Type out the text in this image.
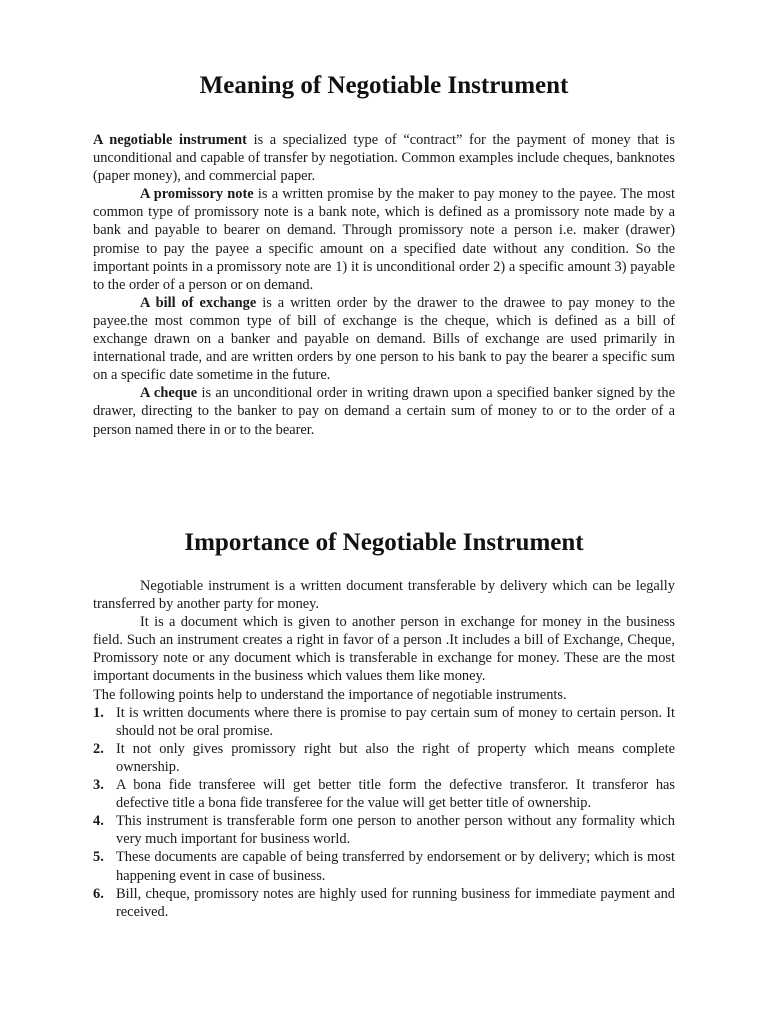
Meaning of Negotiable Instrument

A negotiable instrument is a specialized type of “contract” for the payment of money that is unconditional and capable of transfer by negotiation. Common examples include cheques, banknotes (paper money), and commercial paper.

A promissory note is a written promise by the maker to pay money to the payee. The most common type of promissory note is a bank note, which is defined as a promissory note made by a bank and payable to bearer on demand. Through promissory note a person i.e. maker (drawer) promise to pay the payee a specific amount on a specified date without any condition. So the important points in a promissory note are 1) it is unconditional order 2) a specific amount 3) payable to the order of a person or on demand.

A bill of exchange is a written order by the drawer to the drawee to pay money to the payee.the most common type of bill of exchange is the cheque, which is defined as a bill of exchange drawn on a banker and payable on demand. Bills of exchange are used primarily in international trade, and are written orders by one person to his bank to pay the bearer a specific sum on a specific date sometime in the future.

A cheque is an unconditional order in writing drawn upon a specified banker signed by the drawer, directing to the banker to pay on demand a certain sum of money to or to the order of a person named there in or to the bearer.

Importance of Negotiable Instrument

Negotiable instrument is a written document transferable by delivery which can be legally transferred by another party for money.

It is a document which is given to another person in exchange for money in the business field. Such an instrument creates a right in favor of a person .It includes a bill of Exchange, Cheque, Promissory note or any document which is transferable in exchange for money. These are the most important documents in the business which values them like money.

The following points help to understand the importance of negotiable instruments.

1. It is written documents where there is promise to pay certain sum of money to certain person. It should not be oral promise.
2. It not only gives promissory right but also the right of property which means complete ownership.
3. A bona fide transferee will get better title form the defective transferor. It transferor has defective title a bona fide transferee for the value will get better title of ownership.
4. This instrument is transferable form one person to another person without any formality which very much important for business world.
5. These documents are capable of being transferred by endorsement or by delivery; which is most happening event in case of business.
6. Bill, cheque, promissory notes are highly used for running business for immediate payment and received.
